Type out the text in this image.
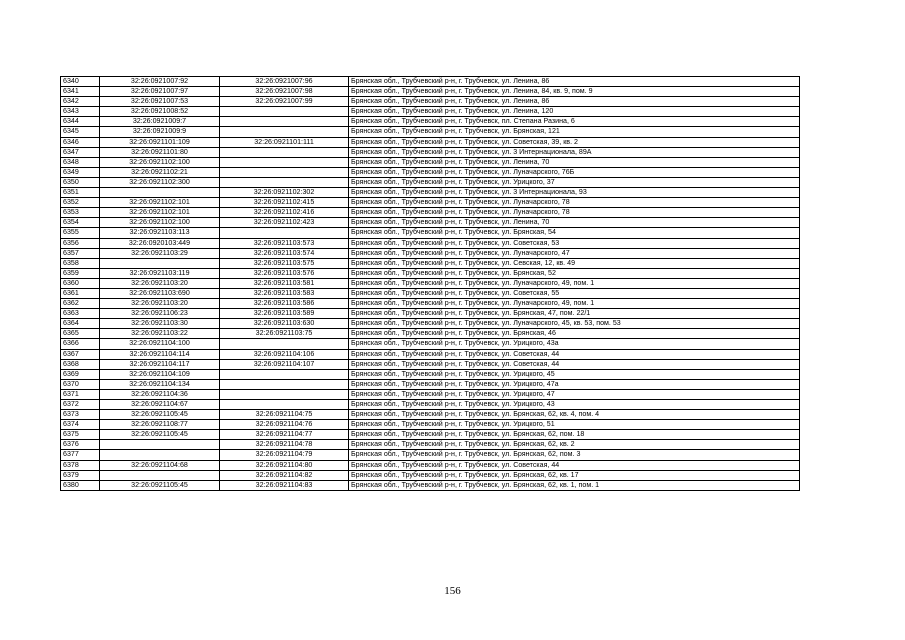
6340	32:26:0921007:92	32:26:0921007:96	Брянская обл., Трубчевский р-н, г. Трубчевск, ул. Ленина, 86
6341	32:26:0921007:97	32:26:0921007:98	Брянская обл., Трубчевский р-н, г. Трубчевск, ул. Ленина, 84, кв. 9, пом. 9
6342	32:26:0921007:53	32:26:0921007:99	Брянская обл., Трубчевский р-н, г. Трубчевск, ул. Ленина, 86
6343	32:26:0921008:52		Брянская обл., Трубчевский р-н, г. Трубчевск, ул. Ленина, 120
6344	32:26:0921009:7		Брянская обл., Трубчевский р-н, г. Трубчевск, пл. Степана Разина, 6
6345	32:26:0921009:9		Брянская обл., Трубчевский р-н, г. Трубчевск, ул. Брянская, 121
6346	32:26:0921101:109	32:26:0921101:111	Брянская обл., Трубчевский р-н, г. Трубчевск, ул. Советская, 39, кв. 2
6347	32:26:0921101:80		Брянская обл., Трубчевский р-н, г. Трубчевск, ул. 3 Интернационала, 89А
6348	32:26:0921102:100		Брянская обл., Трубчевский р-н, г. Трубчевск, ул. Ленина, 70
6349	32:26:0921102:21		Брянская обл., Трубчевский р-н, г. Трубчевск, ул. Луначарского, 76Б
6350	32:26:0921102:300		Брянская обл., Трубчевский р-н, г. Трубчевск, ул. Урицкого, 37
6351		32:26:0921102:302	Брянская обл., Трубчевский р-н, г. Трубчевск, ул. 3 Интернационала, 93
6352	32:26:0921102:101	32:26:0921102:415	Брянская обл., Трубчевский р-н, г. Трубчевск, ул. Луначарского, 78
6353	32:26:0921102:101	32:26:0921102:416	Брянская обл., Трубчевский р-н, г. Трубчевск, ул. Луначарского, 78
6354	32:26:0921102:100	32:26:0921102:423	Брянская обл., Трубчевский р-н, г. Трубчевск, ул. Ленина, 70
6355	32:26:0921103:113		Брянская обл., Трубчевский р-н, г. Трубчевск, ул. Брянская, 54
6356	32:26:0920103:449	32:26:0921103:573	Брянская обл., Трубчевский р-н, г. Трубчевск, ул. Советская, 53
6357	32:26:0921103:29	32:26:0921103:574	Брянская обл., Трубчевский р-н, г. Трубчевск, ул. Луначарского, 47
6358		32:26:0921103:575	Брянская обл., Трубчевский р-н, г. Трубчевск, ул. Севская, 12, кв. 49
6359	32:26:0921103:119	32:26:0921103:576	Брянская обл., Трубчевский р-н, г. Трубчевск, ул. Брянская, 52
6360	32:26:0921103:20	32:26:0921103:581	Брянская обл., Трубчевский р-н, г. Трубчевск, ул. Луначарского, 49, пом. 1
6361	32:26:0921103:690	32:26:0921103:583	Брянская обл., Трубчевский р-н, г. Трубчевск, ул. Советская, 55
6362	32:26:0921103:20	32:26:0921103:586	Брянская обл., Трубчевский р-н, г. Трубчевск, ул. Луначарского, 49, пом. 1
6363	32:26:0921106:23	32:26:0921103:589	Брянская обл., Трубчевский р-н, г. Трубчевск, ул. Брянская, 47, пом. 22/1
6364	32:26:0921103:30	32:26:0921103:630	Брянская обл., Трубчевский р-н, г. Трубчевск, ул. Луначарского, 45, кв. 53, пом. 53
6365	32:26:0921103:22	32:26:0921103:75	Брянская обл., Трубчевский р-н, г. Трубчевск, ул. Брянская, 46
6366	32:26:0921104:100		Брянская обл., Трубчевский р-н, г. Трубчевск, ул. Урицкого, 43а
6367	32:26:0921104:114	32:26:0921104:106	Брянская обл., Трубчевский р-н, г. Трубчевск, ул. Советская, 44
6368	32:26:0921104:117	32:26:0921104:107	Брянская обл., Трубчевский р-н, г. Трубчевск, ул. Советская, 44
6369	32:26:0921104:109		Брянская обл., Трубчевский р-н, г. Трубчевск, ул. Урицкого, 45
6370	32:26:0921104:134		Брянская обл., Трубчевский р-н, г. Трубчевск, ул. Урицкого, 47а
6371	32:26:0921104:36		Брянская обл., Трубчевский р-н, г. Трубчевск, ул. Урицкого, 47
6372	32:26:0921104:67		Брянская обл., Трубчевский р-н, г. Трубчевск, ул. Урицкого, 43
6373	32:26:0921105:45	32:26:0921104:75	Брянская обл., Трубчевский р-н, г. Трубчевск, ул. Брянская, 62, кв. 4, пом. 4
6374	32:26:0921108:77	32:26:0921104:76	Брянская обл., Трубчевский р-н, г. Трубчевск, ул. Урицкого, 51
6375	32:26:0921105:45	32:26:0921104:77	Брянская обл., Трубчевский р-н, г. Трубчевск, ул. Брянская, 62, пом. 18
6376		32:26:0921104:78	Брянская обл., Трубчевский р-н, г. Трубчевск, ул. Брянская, 62, кв. 2
6377		32:26:0921104:79	Брянская обл., Трубчевский р-н, г. Трубчевск, ул. Брянская, 62, пом. 3
6378	32:26:0921104:68	32:26:0921104:80	Брянская обл., Трубчевский р-н, г. Трубчевск, ул. Советская, 44
6379		32:26:0921104:82	Брянская обл., Трубчевский р-н, г. Трубчевск, ул. Брянская, 62, кв. 17
6380	32:26:0921105:45	32:26:0921104:83	Брянская обл., Трубчевский р-н, г. Трубчевск, ул. Брянская, 62, кв. 1, пом. 1
156
